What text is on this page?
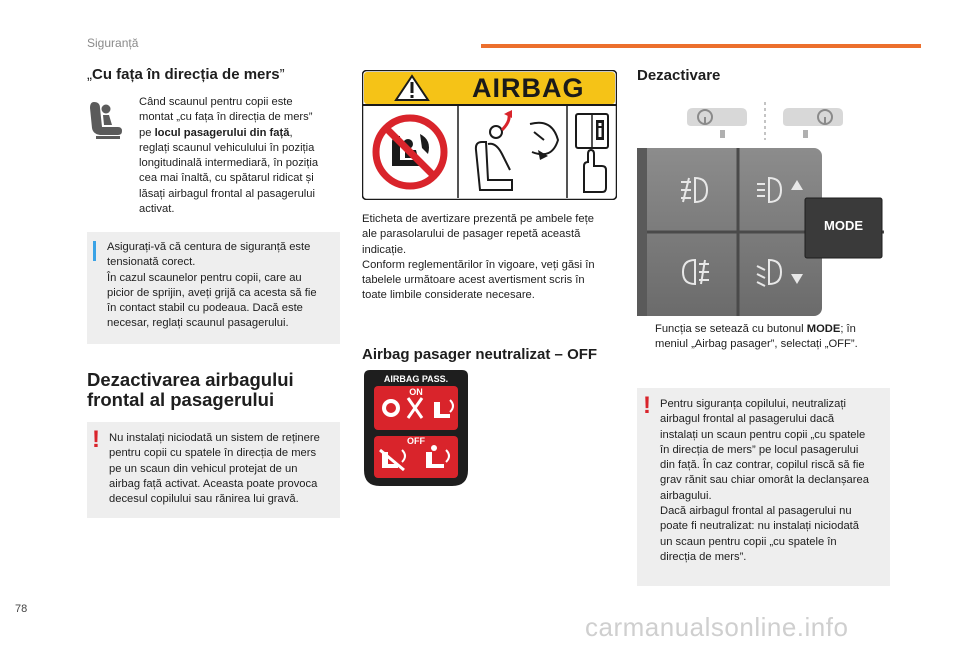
Siguranță
„Cu fața în direcția de mers”
Când scaunul pentru copii este
montat „cu fața în direcția de mers”
pe locul pasagerului din față,
reglați scaunul vehiculului în poziția
longitudinală intermediară, în poziția
cea mai înaltă, cu spătarul ridicat și
lăsați airbagul frontal al pasagerului
activat.
Asigurați-vă că centura de siguranță este
tensionată corect.
În cazul scaunelor pentru copii, care au
picior de sprijin, aveți grijă ca acesta să fie
în contact stabil cu podeaua. Dacă este
necesar, reglați scaunul pasagerului.
Dezactivarea airbagului
frontal al pasagerului
! Nu instalați niciodată un sistem de reținere
pentru copii cu spatele în direcția de mers
pe un scaun din vehicul protejat de un
airbag față activat. Aceasta poate provoca
decesul copilului sau rănirea lui gravă.
AIRBAG
Eticheta de avertizare prezentă pe ambele fețe
ale parasolarului de pasager repetă această
indicație.
Conform reglementărilor în vigoare, veți găsi în
tabelele următoare acest avertisment scris în
toate limbile considerate necesare.
Airbag pasager neutralizat – OFF
AIRBAG PASS.
ON
OFF
Dezactivare
MODE
Funcția se setează cu butonul MODE; în
meniul „Airbag pasager”, selectați „OFF”.
! Pentru siguranța copilului, neutralizați
airbagul frontal al pasagerului dacă
instalați un scaun pentru copii „cu spatele
în direcția de mers” pe locul pasagerului
din față. În caz contrar, copilul riscă să fie
grav rănit sau chiar omorât la declanșarea
airbagului.
Dacă airbagul frontal al pasagerului nu
poate fi neutralizat: nu instalați niciodată
un scaun pentru copii „cu spatele în
direcția de mers”.
78
carmanualsonline.info
